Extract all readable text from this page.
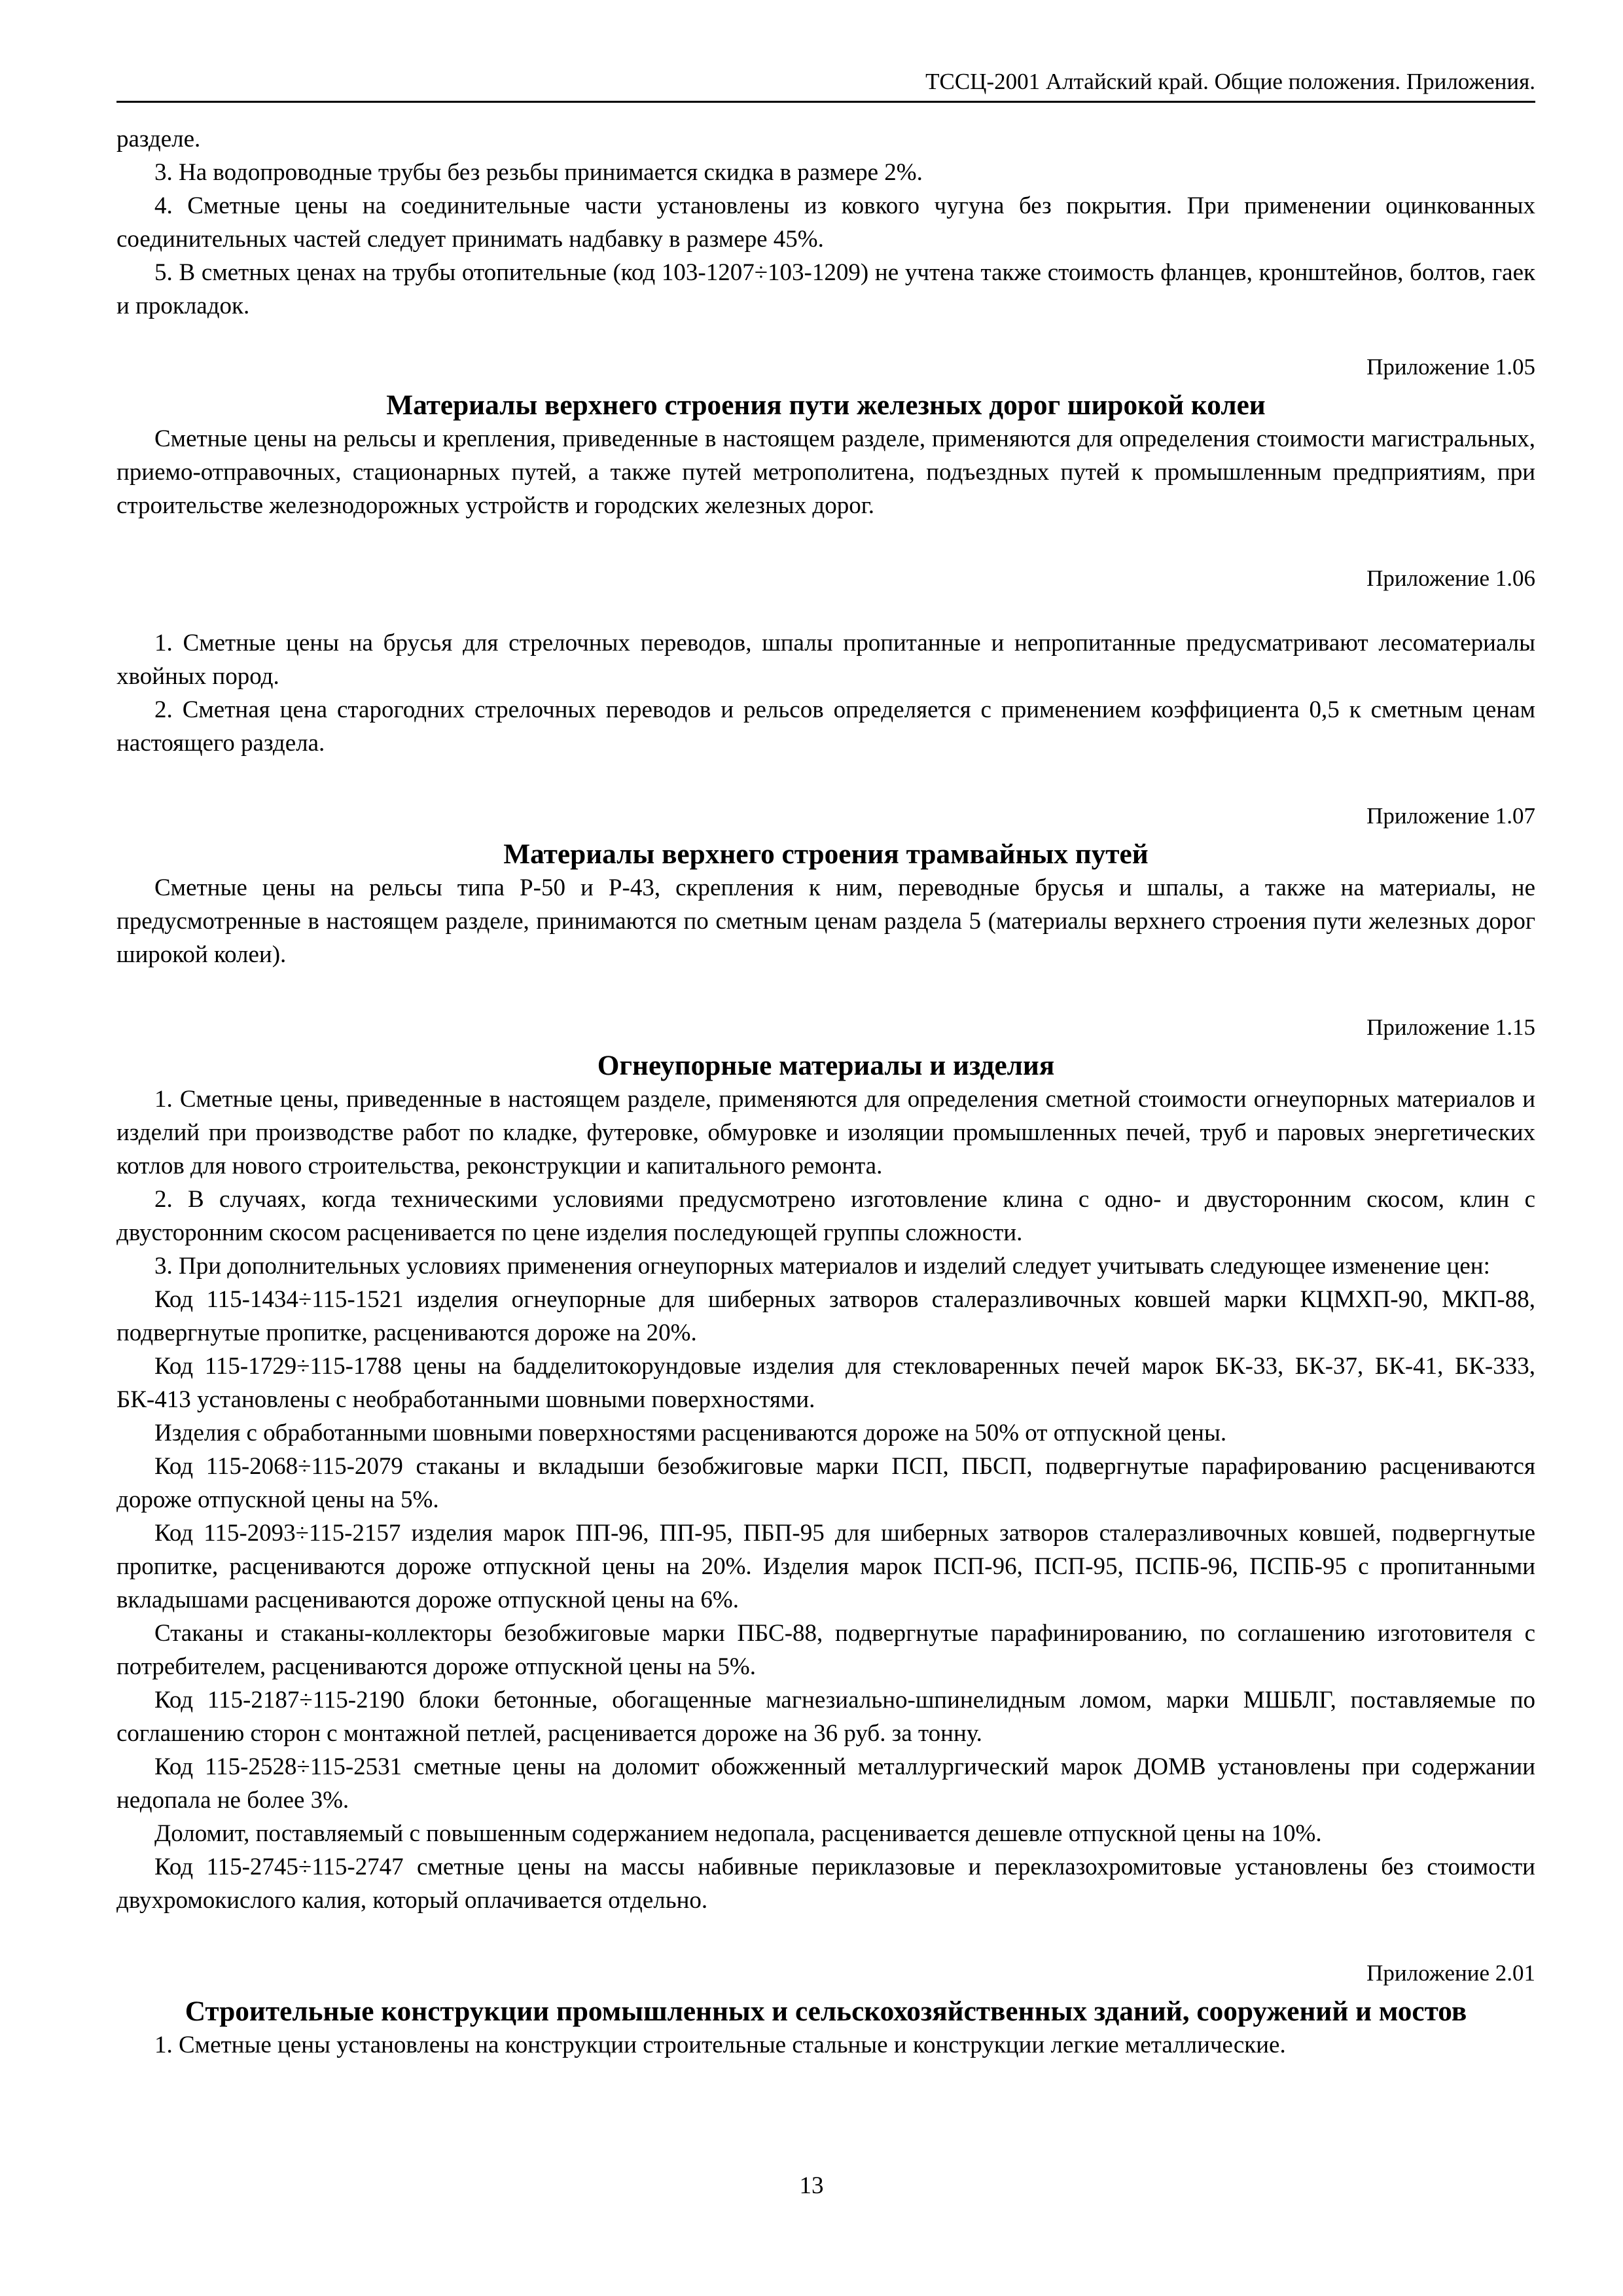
ТССЦ-2001 Алтайский край. Общие положения. Приложения.

разделе.

3. На водопроводные трубы без резьбы принимается скидка в размере 2%.

4. Сметные цены на соединительные части установлены из ковкого чугуна без покрытия. При применении оцинкованных соединительных частей следует принимать надбавку в размере 45%.

5. В сметных ценах на трубы отопительные (код 103-1207÷103-1209) не учтена также стоимость фланцев, кронштейнов, болтов, гаек и прокладок.

Приложение 1.05
Материалы верхнего строения пути железных дорог широкой колеи

Сметные цены на рельсы и крепления, приведенные в настоящем разделе, применяются для определения стоимости магистральных, приемо-отправочных, стационарных путей, а также путей метрополитена, подъездных путей к промышленным предприятиям, при строительстве железнодорожных устройств и городских железных дорог.

Приложение 1.06

1. Сметные цены на брусья для стрелочных переводов, шпалы пропитанные и непропитанные предусматривают лесоматериалы хвойных пород.

2. Сметная цена старогодних стрелочных переводов и рельсов определяется с применением коэффициента 0,5 к сметным ценам настоящего раздела.

Приложение 1.07
Материалы верхнего строения трамвайных путей

Сметные цены на рельсы типа Р-50 и Р-43, скрепления к ним, переводные брусья и шпалы, а также на материалы, не предусмотренные в настоящем разделе, принимаются по сметным ценам раздела 5 (материалы верхнего строения пути железных дорог широкой колеи).

Приложение 1.15
Огнеупорные материалы и изделия

1. Сметные цены, приведенные в настоящем разделе, применяются для определения сметной стоимости огнеупорных материалов и изделий при производстве работ по кладке, футеровке, обмуровке и изоляции промышленных печей, труб и паровых энергетических котлов для нового строительства, реконструкции и капитального ремонта.

2. В случаях, когда техническими условиями предусмотрено изготовление клина с одно- и двусторонним скосом, клин с двусторонним скосом расценивается по цене изделия последующей группы сложности.

3. При дополнительных условиях применения огнеупорных материалов и изделий следует учитывать следующее изменение цен:

Код 115-1434÷115-1521 изделия огнеупорные для шиберных затворов сталеразливочных ковшей марки КЦМХП-90, МКП-88, подвергнутые пропитке, расцениваются дороже на 20%.

Код 115-1729÷115-1788 цены на бадделитокорундовые изделия для стекловаренных печей марок БК-33, БК-37, БК-41, БК-333, БК-413 установлены с необработанными шовными поверхностями.

Изделия с обработанными шовными поверхностями расцениваются дороже на 50% от отпускной цены.

Код 115-2068÷115-2079 стаканы и вкладыши безобжиговые марки ПСП, ПБСП, подвергнутые парафированию расцениваются дороже отпускной цены на 5%.

Код 115-2093÷115-2157 изделия марок ПП-96, ПП-95, ПБП-95 для шиберных затворов сталеразливочных ковшей, подвергнутые пропитке, расцениваются дороже отпускной цены на 20%. Изделия марок ПСП-96, ПСП-95, ПСПБ-96, ПСПБ-95 с пропитанными вкладышами расцениваются дороже отпускной цены на 6%.

Стаканы и стаканы-коллекторы безобжиговые марки ПБС-88, подвергнутые парафинированию, по соглашению изготовителя с потребителем, расцениваются дороже отпускной цены на 5%.

Код 115-2187÷115-2190 блоки бетонные, обогащенные магнезиально-шпинелидным ломом, марки МШБЛГ, поставляемые по соглашению сторон с монтажной петлей, расценивается дороже на 36 руб. за тонну.

Код 115-2528÷115-2531 сметные цены на доломит обожженный металлургический марок ДОМВ установлены при содержании недопала не более 3%.

Доломит, поставляемый с повышенным содержанием недопала, расценивается дешевле отпускной цены на 10%.

Код 115-2745÷115-2747 сметные цены на массы набивные периклазовые и переклазохромитовые установлены без стоимости двухромокислого калия, который оплачивается отдельно.

Приложение 2.01
Строительные конструкции промышленных и сельскохозяйственных зданий, сооружений и мостов

1. Сметные цены установлены на конструкции строительные стальные и конструкции легкие металлические.

13
